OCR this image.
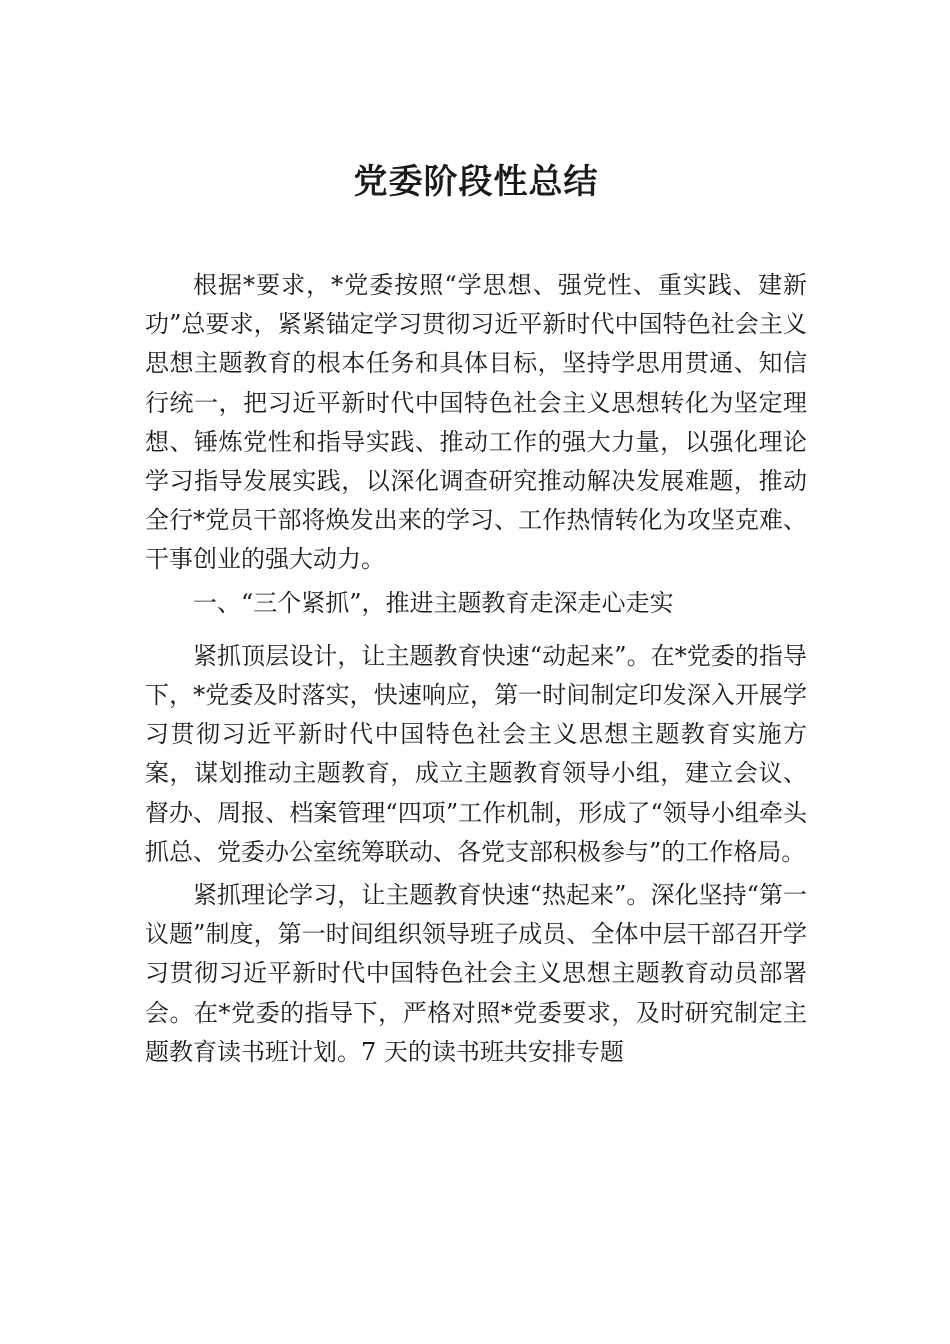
党委阶段性总结

根据*要求，*党委按照“学思想、强党性、重实践、建新功”总要求，紧紧锚定学习贯彻习近平新时代中国特色社会主义思想主题教育的根本任务和具体目标，坚持学思用贯通、知信行统一，把习近平新时代中国特色社会主义思想转化为坚定理想、锤炼党性和指导实践、推动工作的强大力量，以强化理论学习指导发展实践，以深化调查研究推动解决发展难题，推动全行*党员干部将焕发出来的学习、工作热情转化为攻坚克难、干事创业的强大动力。

一、“三个紧抓”，推进主题教育走深走心走实

紧抓顶层设计，让主题教育快速“动起来”。在*党委的指导下，*党委及时落实，快速响应，第一时间制定印发深入开展学习贯彻习近平新时代中国特色社会主义思想主题教育实施方案，谋划推动主题教育，成立主题教育领导小组，建立会议、督办、周报、档案管理“四项”工作机制，形成了“领导小组牵头抓总、党委办公室统筹联动、各党支部积极参与”的工作格局。

紧抓理论学习，让主题教育快速“热起来”。深化坚持“第一议题”制度，第一时间组织领导班子成员、全体中层干部召开学习贯彻习近平新时代中国特色社会主义思想主题教育动员部署会。在*党委的指导下，严格对照*党委要求，及时研究制定主题教育读书班计划。7 天的读书班共安排专题
